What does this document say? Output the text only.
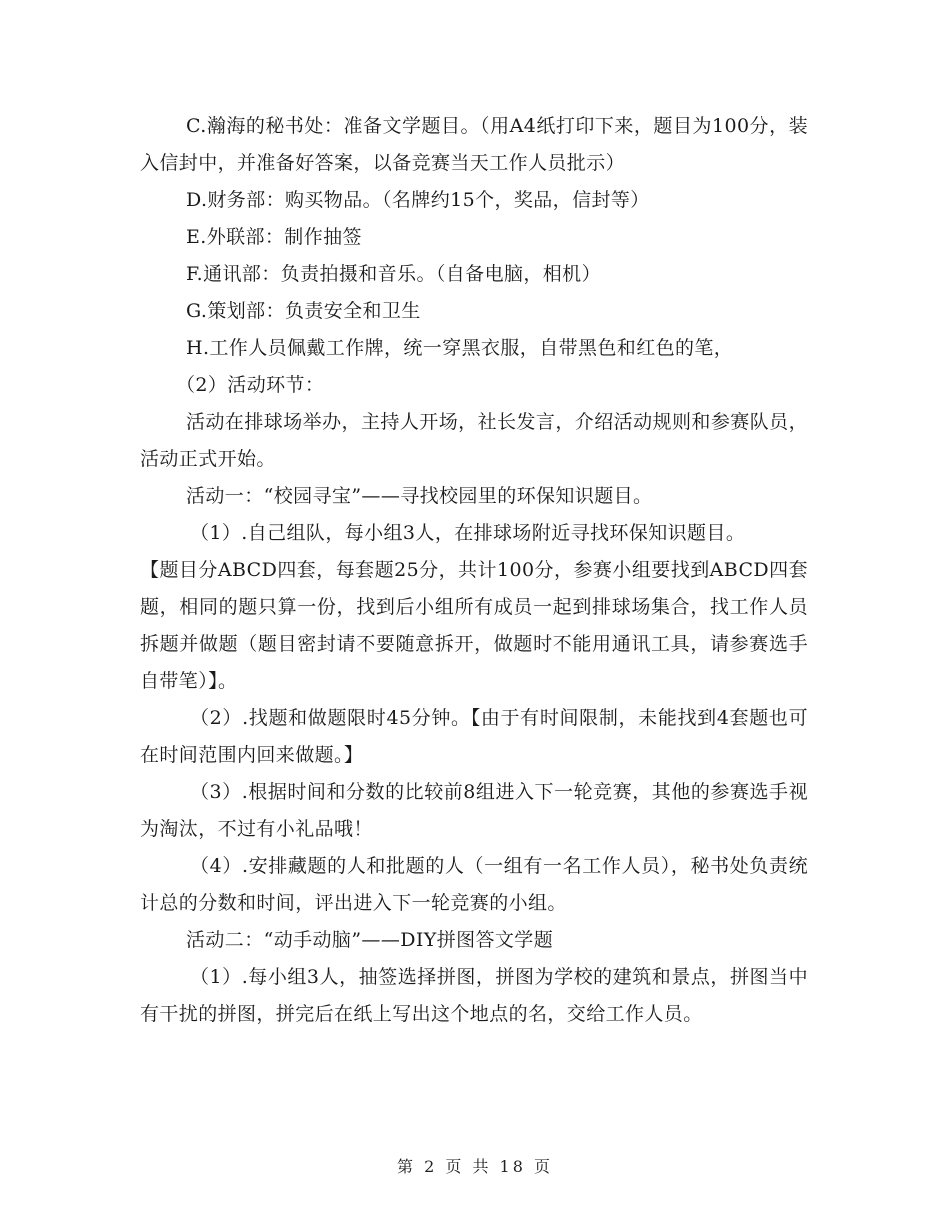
C.瀚海的秘书处：准备文学题目。（用A4纸打印下来，题目为100分，装入信封中，并准备好答案，以备竞赛当天工作人员批示）

D.财务部：购买物品。（名牌约15个，奖品，信封等）

E.外联部：制作抽签

F.通讯部：负责拍摄和音乐。（自备电脑，相机）

G.策划部：负责安全和卫生

H.工作人员佩戴工作牌，统一穿黑衣服，自带黑色和红色的笔，

（2）活动环节：

活动在排球场举办，主持人开场，社长发言，介绍活动规则和参赛队员，活动正式开始。

活动一：“校园寻宝”——寻找校园里的环保知识题目。

（1）.自己组队，每小组3人，在排球场附近寻找环保知识题目。

【题目分ABCD四套，每套题25分，共计100分，参赛小组要找到ABCD四套题，相同的题只算一份，找到后小组所有成员一起到排球场集合，找工作人员拆题并做题（题目密封请不要随意拆开，做题时不能用通讯工具，请参赛选手自带笔）】。

（2）.找题和做题限时45分钟。【由于有时间限制，未能找到4套题也可在时间范围内回来做题。】

（3）.根据时间和分数的比较前8组进入下一轮竞赛，其他的参赛选手视为淘汰，不过有小礼品哦！

（4）.安排藏题的人和批题的人（一组有一名工作人员），秘书处负责统计总的分数和时间，评出进入下一轮竞赛的小组。

活动二：“动手动脑”——DIY拼图答文学题

（1）.每小组3人，抽签选择拼图，拼图为学校的建筑和景点，拼图当中有干扰的拼图，拼完后在纸上写出这个地点的名，交给工作人员。

第 2 页 共 18 页
